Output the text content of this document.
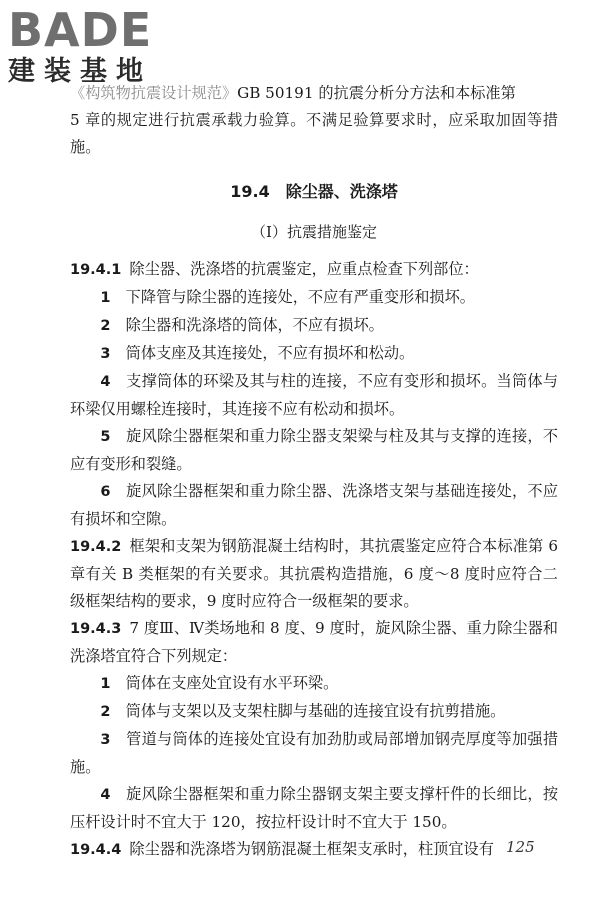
BADE
建装基地

《构筑物抗震设计规范》GB 50191 的抗震分析分方法和本标准第

5 章的规定进行抗震承载力验算。不满足验算要求时，应采取加固等措施。

19.4　除尘器、洗涤塔
（Ⅰ）抗震措施鉴定

19.4.1 除尘器、洗涤塔的抗震鉴定，应重点检查下列部位：

1　 下降管与除尘器的连接处，不应有严重变形和损坏。

2　 除尘器和洗涤塔的筒体，不应有损坏。

3　 筒体支座及其连接处，不应有损坏和松动。

4　 支撑筒体的环梁及其与柱的连接，不应有变形和损坏。当筒体与环梁仅用螺栓连接时，其连接不应有松动和损坏。

5　 旋风除尘器框架和重力除尘器支架梁与柱及其与支撑的连接，不应有变形和裂缝。

6　 旋风除尘器框架和重力除尘器、洗涤塔支架与基础连接处，不应有损坏和空隙。

19.4.2 框架和支架为钢筋混凝土结构时，其抗震鉴定应符合本标准第 6 章有关 B 类框架的有关要求。其抗震构造措施，6 度～8 度时应符合二级框架结构的要求，9 度时应符合一级框架的要求。

19.4.3 7 度Ⅲ、Ⅳ类场地和 8 度、9 度时，旋风除尘器、重力除尘器和洗涤塔宜符合下列规定：

1　 筒体在支座处宜设有水平环梁。

2　 筒体与支架以及支架柱脚与基础的连接宜设有抗剪措施。

3　 管道与筒体的连接处宜设有加劲肋或局部增加钢壳厚度等加强措施。

4　 旋风除尘器框架和重力除尘器钢支架主要支撑杆件的长细比，按压杆设计时不宜大于 120，按拉杆设计时不宜大于 150。

19.4.4 除尘器和洗涤塔为钢筋混凝土框架支承时，柱顶宜设有 125
